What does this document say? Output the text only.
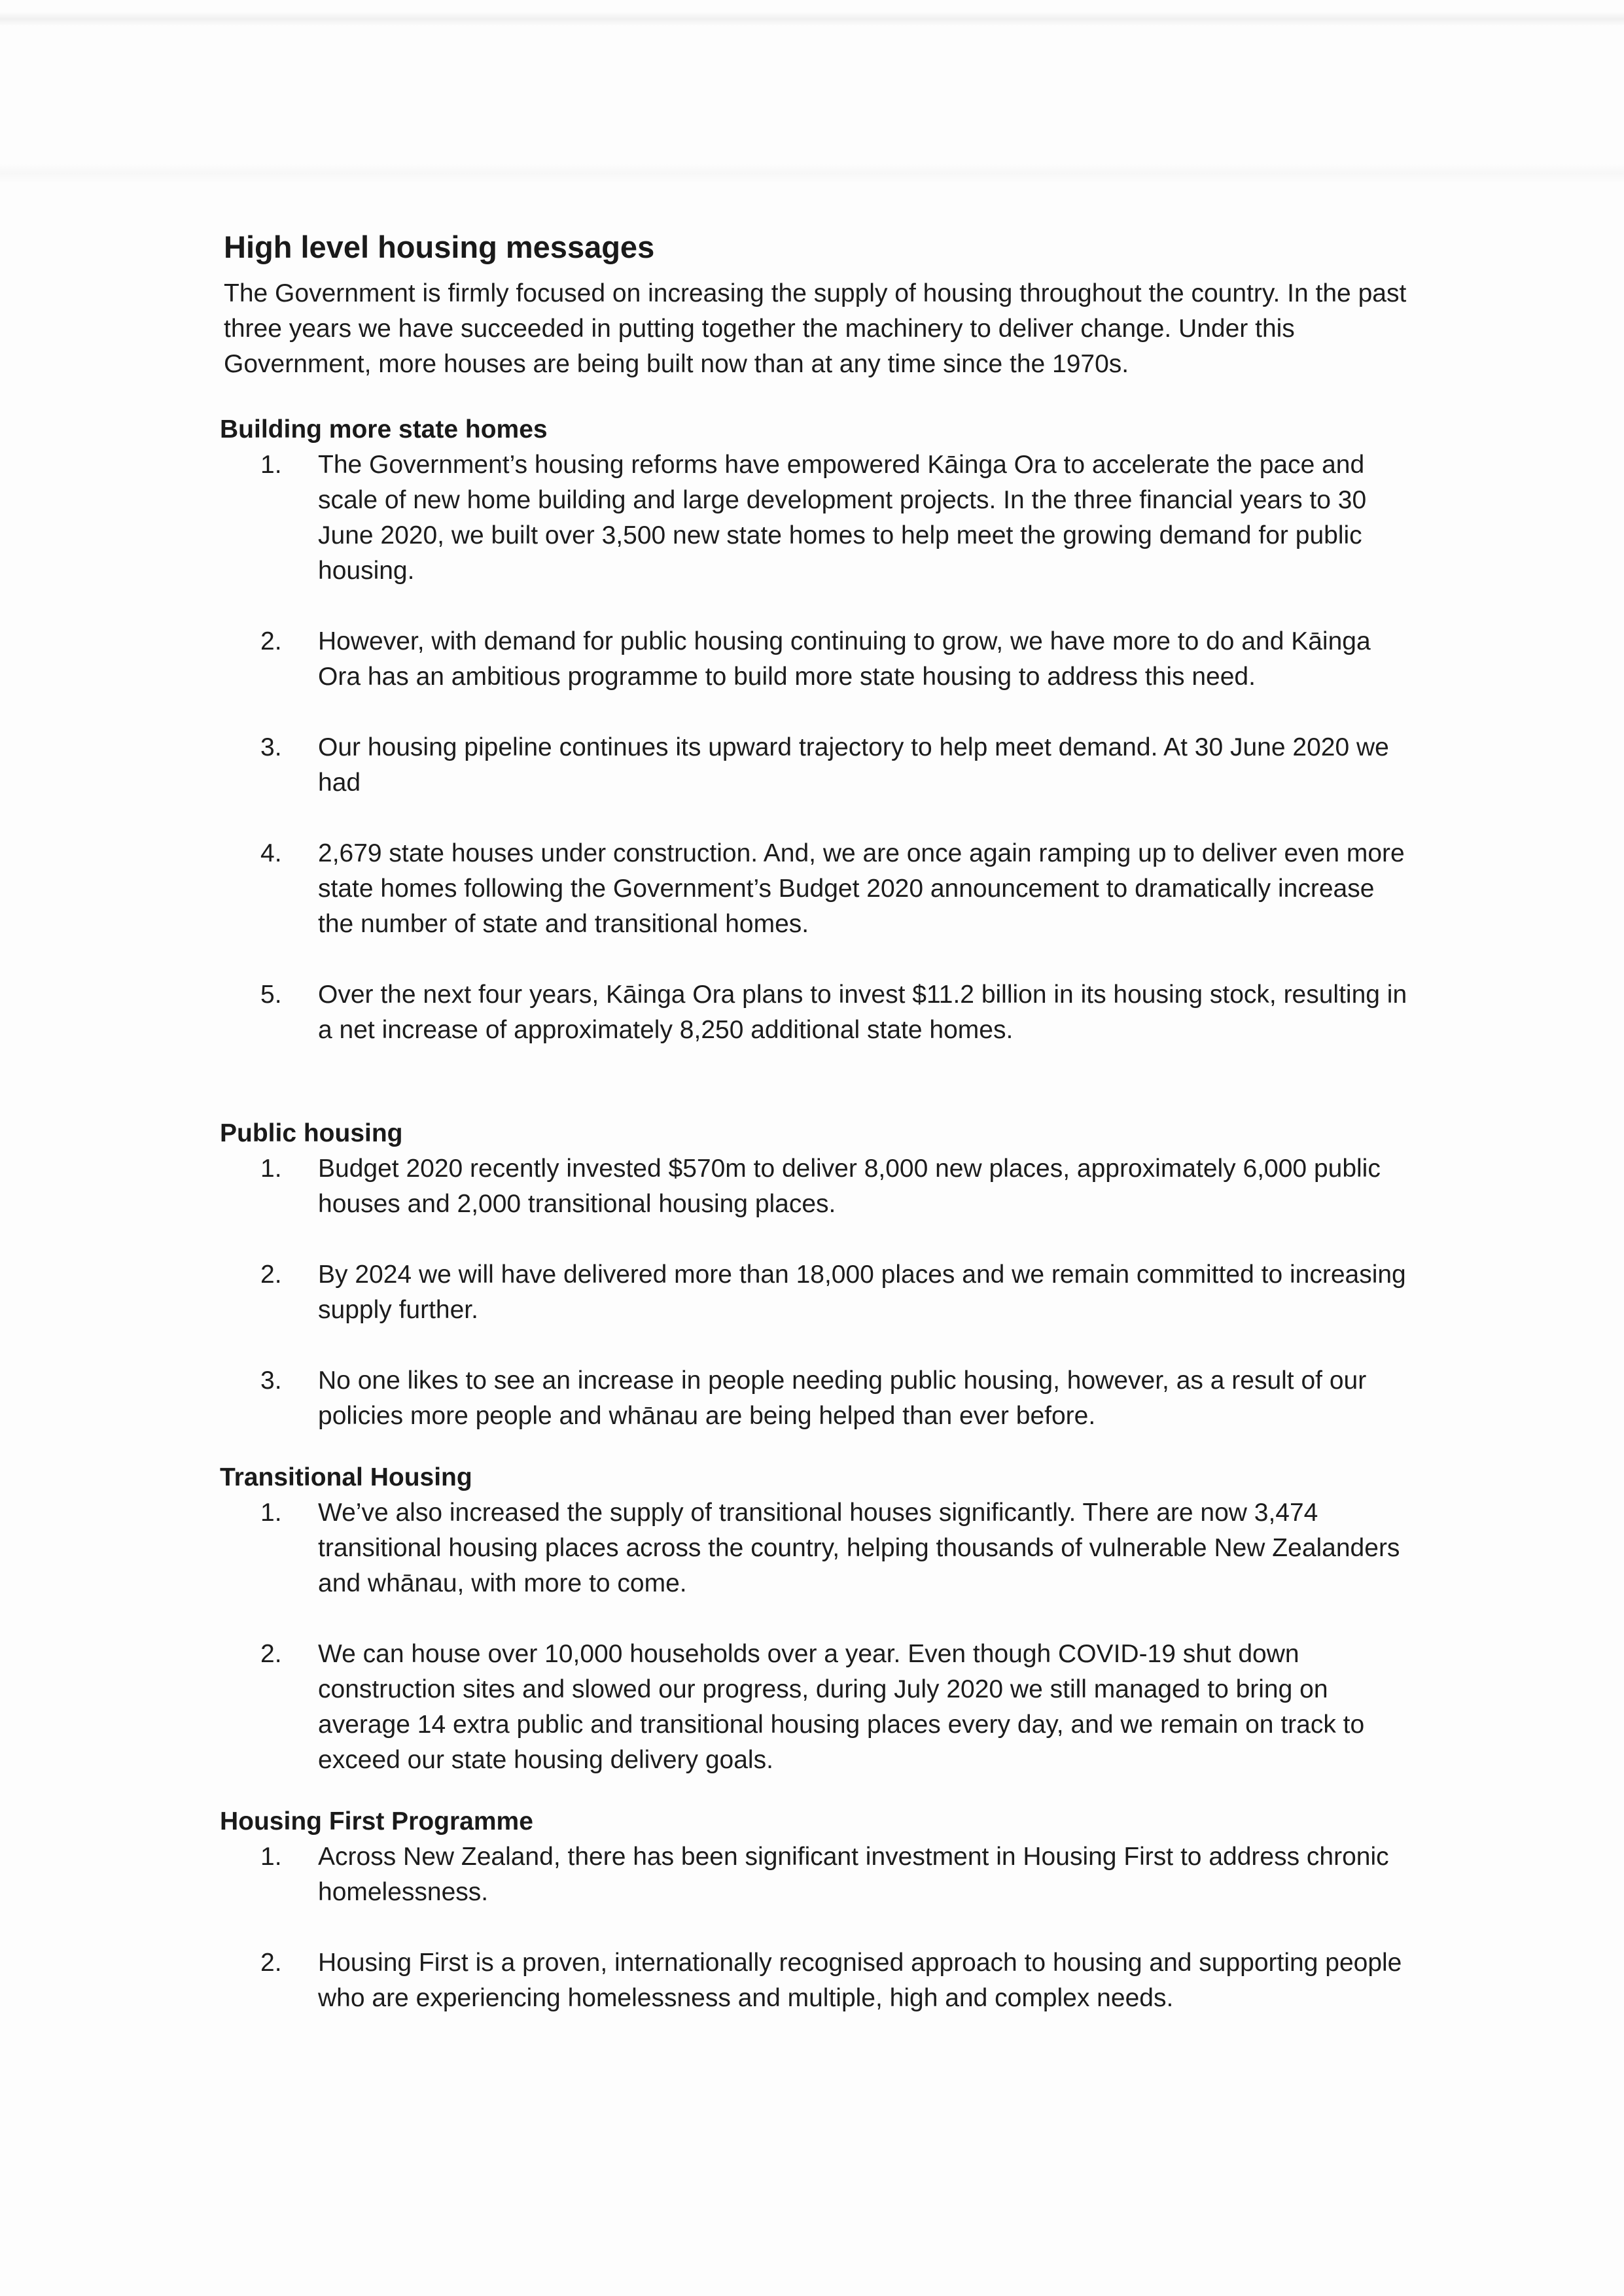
High level housing messages

The Government is firmly focused on increasing the supply of housing throughout the country. In the past three years we have succeeded in putting together the machinery to deliver change. Under this Government, more houses are being built now than at any time since the 1970s.

Building more state homes
1.	The Government’s housing reforms have empowered Kāinga Ora to accelerate the pace and scale of new home building and large development projects. In the three financial years to 30 June 2020, we built over 3,500 new state homes to help meet the growing demand for public housing.
2.	However, with demand for public housing continuing to grow, we have more to do and Kāinga Ora has an ambitious programme to build more state housing to address this need.
3.	Our housing pipeline continues its upward trajectory to help meet demand. At 30 June 2020 we had
4.	2,679 state houses under construction. And, we are once again ramping up to deliver even more state homes following the Government’s Budget 2020 announcement to dramatically increase the number of state and transitional homes.
5.	Over the next four years, Kāinga Ora plans to invest $11.2 billion in its housing stock, resulting in a net increase of approximately 8,250 additional state homes.
Public housing
1.	Budget 2020 recently invested $570m to deliver 8,000 new places, approximately 6,000 public houses and 2,000 transitional housing places.
2.	By 2024 we will have delivered more than 18,000 places and we remain committed to increasing supply further.
3.	No one likes to see an increase in people needing public housing, however, as a result of our policies more people and whānau are being helped than ever before.
Transitional Housing
1.	We’ve also increased the supply of transitional houses significantly. There are now 3,474 transitional housing places across the country, helping thousands of vulnerable New Zealanders and whānau, with more to come.
2.	We can house over 10,000 households over a year. Even though COVID-19 shut down construction sites and slowed our progress, during July 2020 we still managed to bring on average 14 extra public and transitional housing places every day, and we remain on track to exceed our state housing delivery goals.
Housing First Programme
1.	Across New Zealand, there has been significant investment in Housing First to address chronic homelessness.
2.	Housing First is a proven, internationally recognised approach to housing and supporting people who are experiencing homelessness and multiple, high and complex needs.
